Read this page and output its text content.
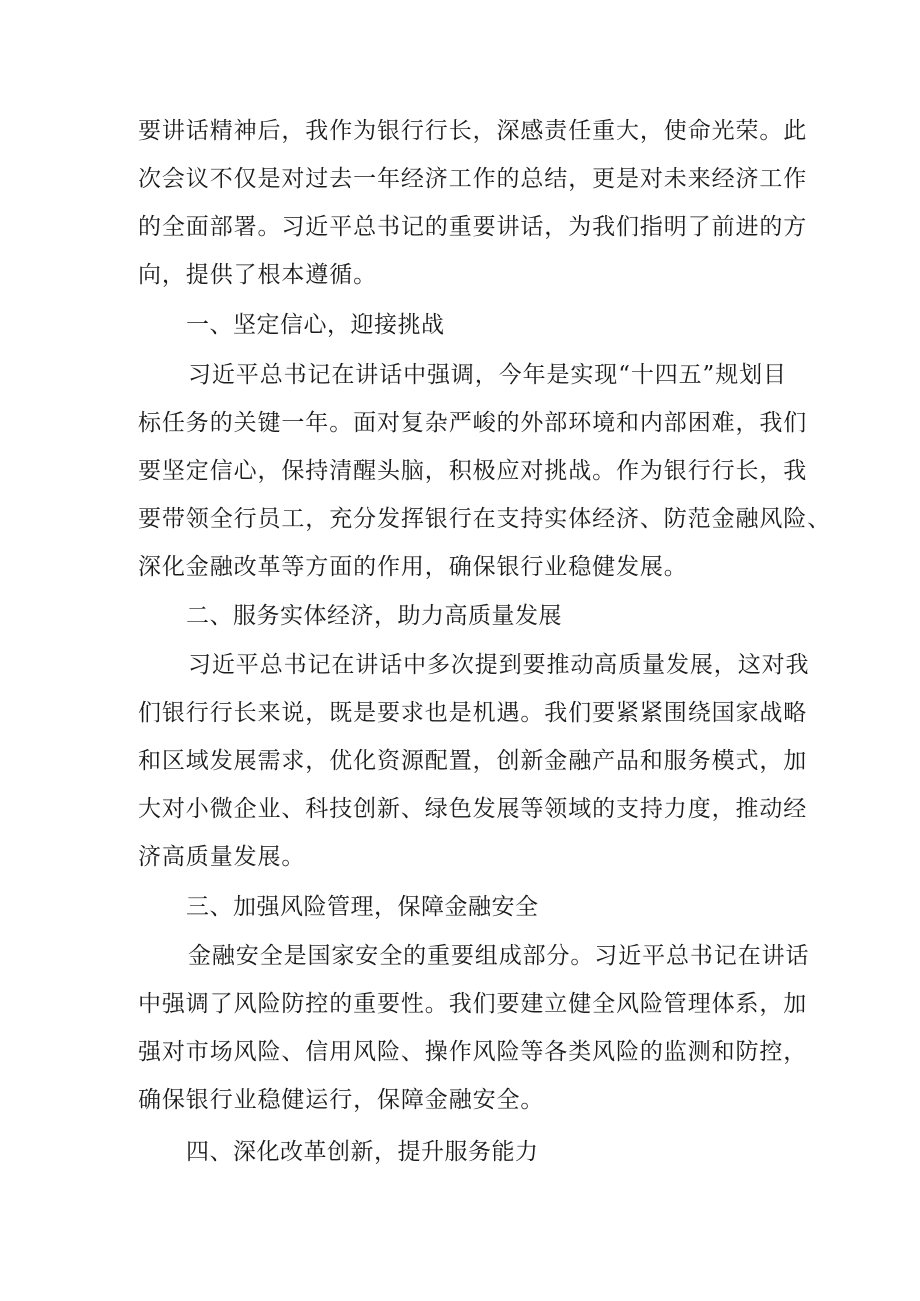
要讲话精神后，我作为银行行长，深感责任重大，使命光荣。此
次会议不仅是对过去一年经济工作的总结，更是对未来经济工作
的全面部署。习近平总书记的重要讲话，为我们指明了前进的方
向，提供了根本遵循。
一、坚定信心，迎接挑战
习近平总书记在讲话中强调，今年是实现“十四五”规划目
标任务的关键一年。面对复杂严峻的外部环境和内部困难，我们
要坚定信心，保持清醒头脑，积极应对挑战。作为银行行长，我
要带领全行员工，充分发挥银行在支持实体经济、防范金融风险、
深化金融改革等方面的作用，确保银行业稳健发展。
二、服务实体经济，助力高质量发展
习近平总书记在讲话中多次提到要推动高质量发展，这对我
们银行行长来说，既是要求也是机遇。我们要紧紧围绕国家战略
和区域发展需求，优化资源配置，创新金融产品和服务模式，加
大对小微企业、科技创新、绿色发展等领域的支持力度，推动经
济高质量发展。
三、加强风险管理，保障金融安全
金融安全是国家安全的重要组成部分。习近平总书记在讲话
中强调了风险防控的重要性。我们要建立健全风险管理体系，加
强对市场风险、信用风险、操作风险等各类风险的监测和防控，
确保银行业稳健运行，保障金融安全。
四、深化改革创新，提升服务能力
